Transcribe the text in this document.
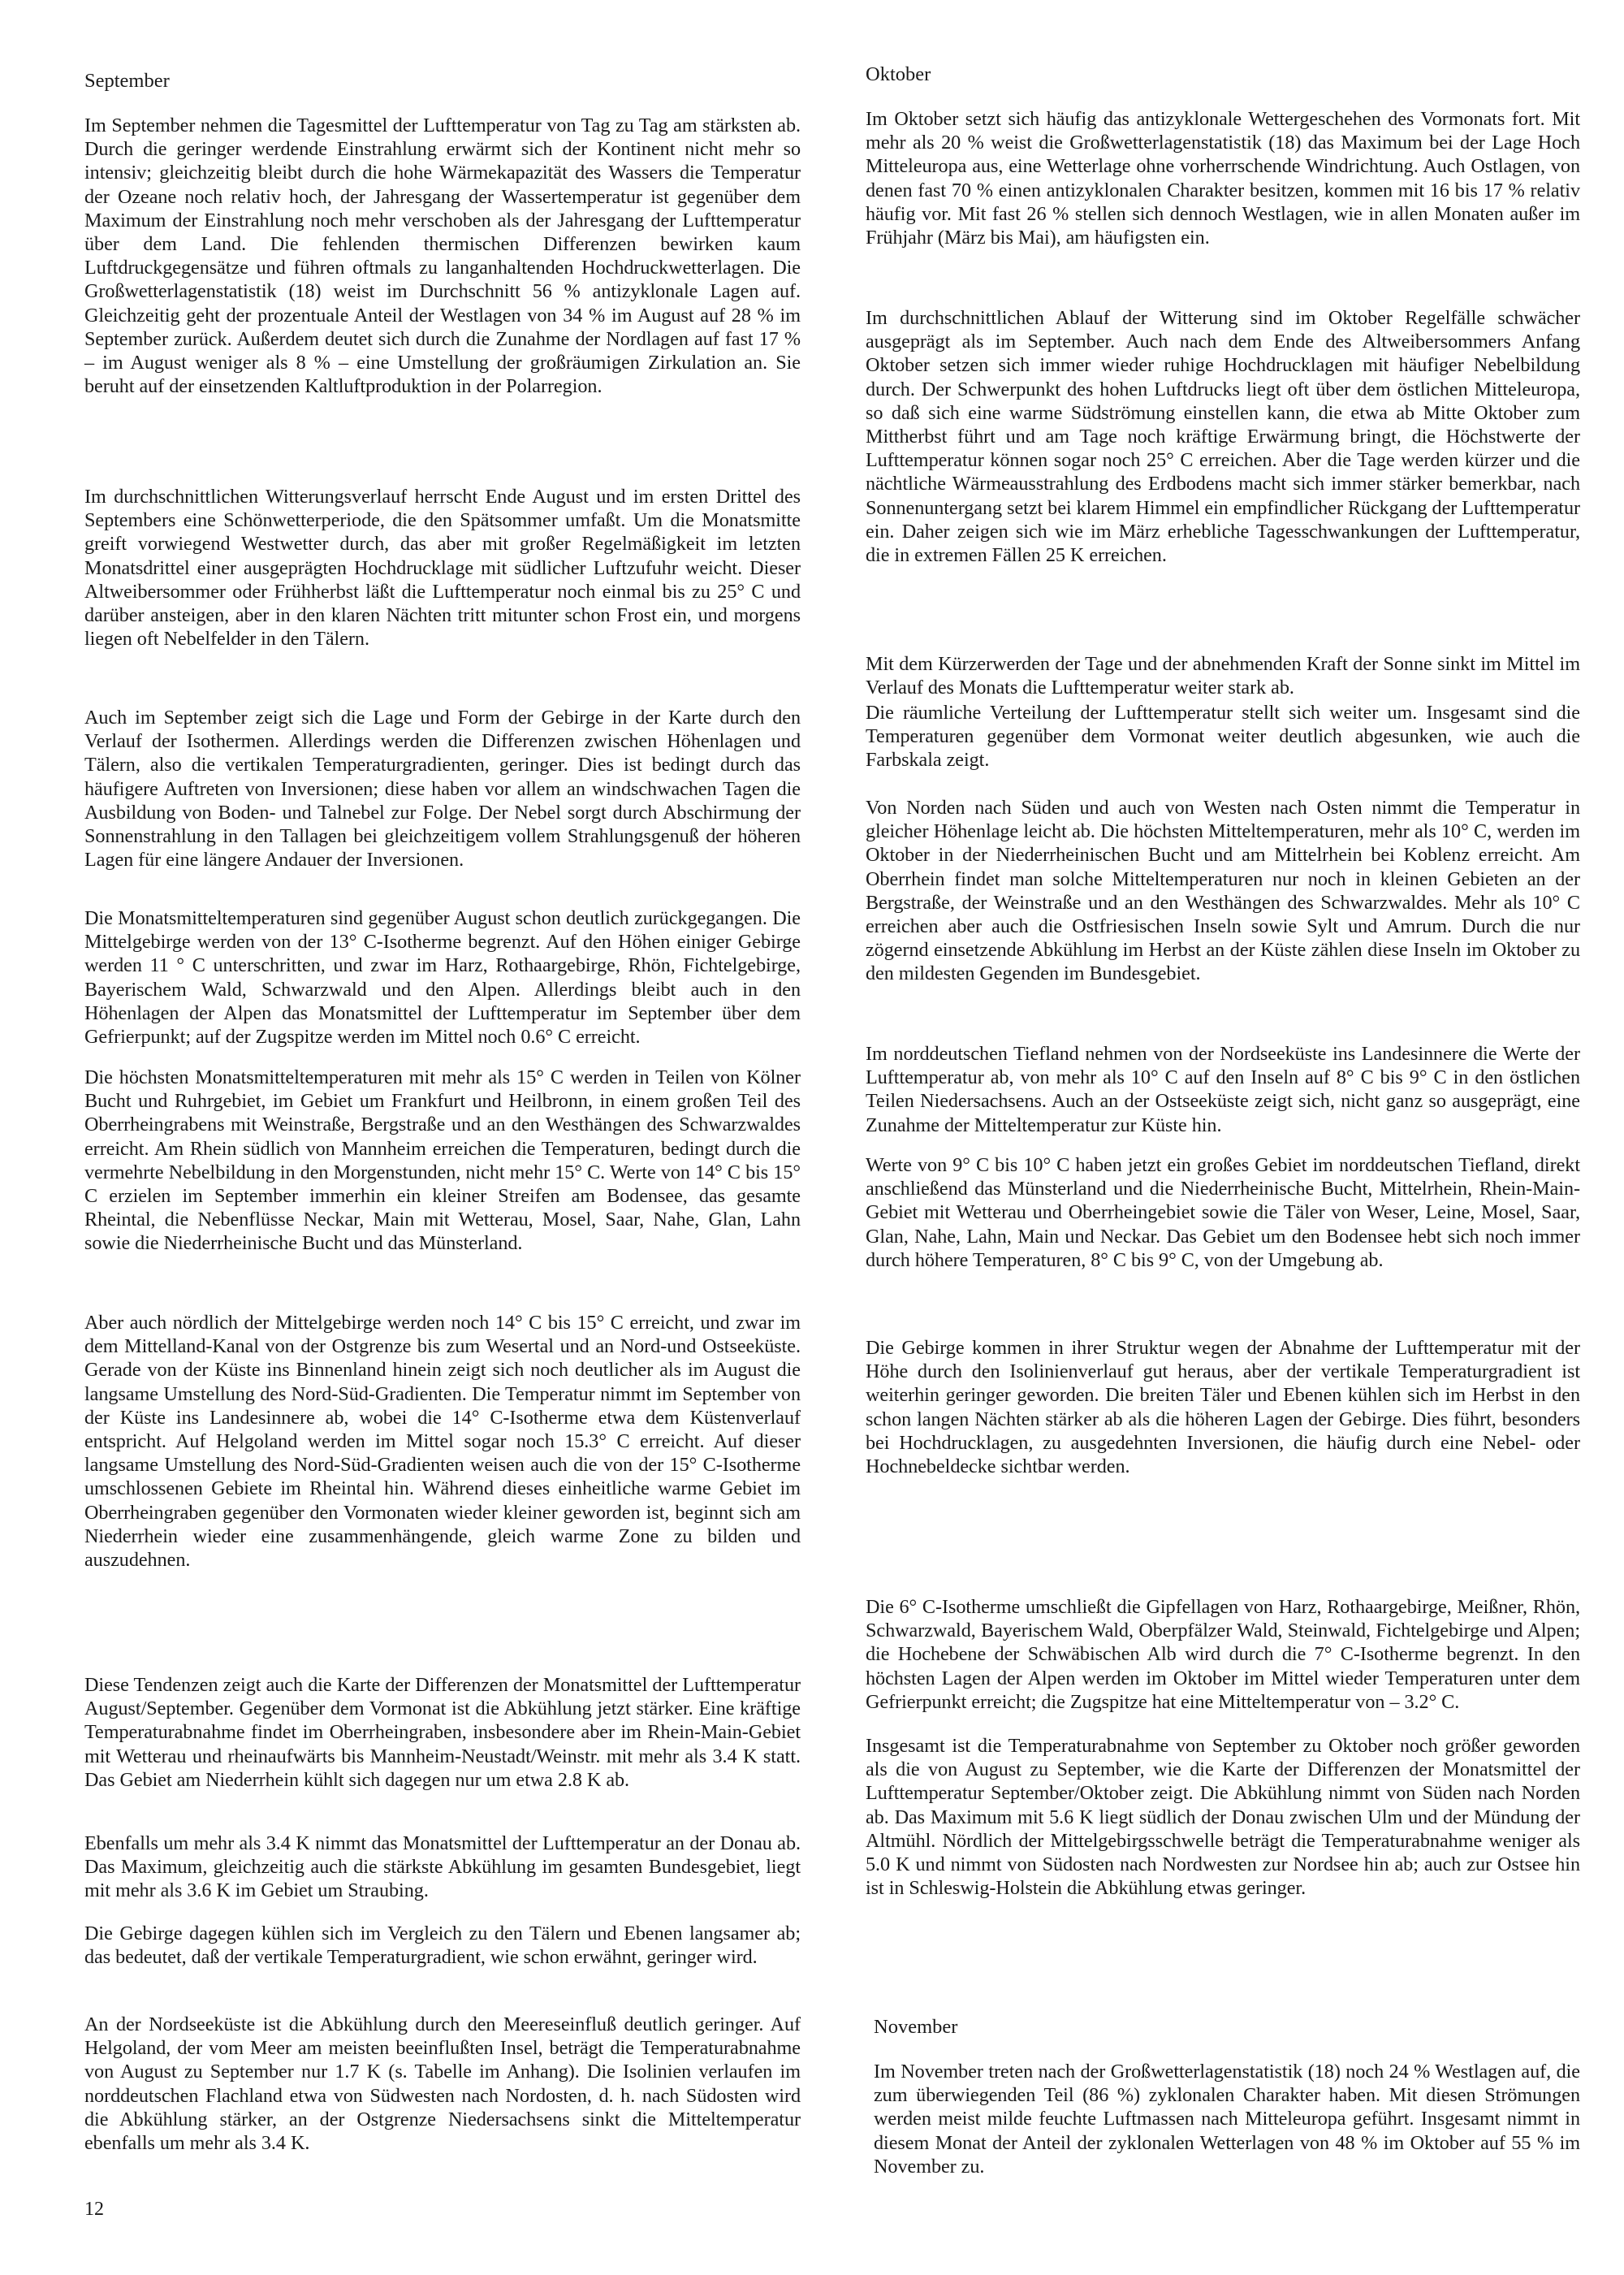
September

Im September nehmen die Tagesmittel der Lufttemperatur von Tag zu Tag am stärksten ab. Durch die geringer werdende Einstrahlung erwärmt sich der Kontinent nicht mehr so intensiv; gleichzeitig bleibt durch die hohe Wärmekapazität des Wassers die Temperatur der Ozeane noch relativ hoch, der Jahresgang der Wassertemperatur ist gegenüber dem Maximum der Einstrahlung noch mehr verschoben als der Jahresgang der Lufttemperatur über dem Land. Die fehlenden thermischen Differenzen bewirken kaum Luftdruckgegensätze und führen oftmals zu langanhaltenden Hochdruckwetterlagen. Die Großwetterlagenstatistik (18) weist im Durchschnitt 56 % antizyklonale Lagen auf. Gleichzeitig geht der prozentuale Anteil der Westlagen von 34 % im August auf 28 % im September zurück. Außerdem deutet sich durch die Zunahme der Nordlagen auf fast 17 % – im August weniger als 8 % – eine Umstellung der großräumigen Zirkulation an. Sie beruht auf der einsetzenden Kaltluftproduktion in der Polarregion.

Im durchschnittlichen Witterungsverlauf herrscht Ende August und im ersten Drittel des Septembers eine Schönwetterperiode, die den Spätsommer umfaßt. Um die Monatsmitte greift vorwiegend Westwetter durch, das aber mit großer Regelmäßigkeit im letzten Monatsdrittel einer ausgeprägten Hochdrucklage mit südlicher Luftzufuhr weicht. Dieser Altweibersommer oder Frühherbst läßt die Lufttemperatur noch einmal bis zu 25° C und darüber ansteigen, aber in den klaren Nächten tritt mitunter schon Frost ein, und morgens liegen oft Nebelfelder in den Tälern.

Auch im September zeigt sich die Lage und Form der Gebirge in der Karte durch den Verlauf der Isothermen. Allerdings werden die Differenzen zwischen Höhenlagen und Tälern, also die vertikalen Temperaturgradienten, geringer. Dies ist bedingt durch das häufigere Auftreten von Inversionen; diese haben vor allem an windschwachen Tagen die Ausbildung von Boden- und Talnebel zur Folge. Der Nebel sorgt durch Abschirmung der Sonnenstrahlung in den Tallagen bei gleichzeitigem vollem Strahlungsgenuß der höheren Lagen für eine längere Andauer der Inversionen.

Die Monatsmitteltemperaturen sind gegenüber August schon deutlich zurückgegangen. Die Mittelgebirge werden von der 13° C-Isotherme begrenzt. Auf den Höhen einiger Gebirge werden 11 ° C unterschritten, und zwar im Harz, Rothaargebirge, Rhön, Fichtelgebirge, Bayerischem Wald, Schwarzwald und den Alpen. Allerdings bleibt auch in den Höhenlagen der Alpen das Monatsmittel der Lufttemperatur im September über dem Gefrierpunkt; auf der Zugspitze werden im Mittel noch 0.6° C erreicht.

Die höchsten Monatsmitteltemperaturen mit mehr als 15° C werden in Teilen von Kölner Bucht und Ruhrgebiet, im Gebiet um Frankfurt und Heilbronn, in einem großen Teil des Oberrheingrabens mit Weinstraße, Bergstraße und an den Westhängen des Schwarzwaldes erreicht. Am Rhein südlich von Mannheim erreichen die Temperaturen, bedingt durch die vermehrte Nebelbildung in den Morgenstunden, nicht mehr 15° C. Werte von 14° C bis 15° C erzielen im September immerhin ein kleiner Streifen am Bodensee, das gesamte Rheintal, die Nebenflüsse Neckar, Main mit Wetterau, Mosel, Saar, Nahe, Glan, Lahn sowie die Niederrheinische Bucht und das Münsterland.

Aber auch nördlich der Mittelgebirge werden noch 14° C bis 15° C erreicht, und zwar im dem Mittelland-Kanal von der Ostgrenze bis zum Wesertal und an Nord-und Ostseeküste. Gerade von der Küste ins Binnenland hinein zeigt sich noch deutlicher als im August die langsame Umstellung des Nord-Süd-Gradienten. Die Temperatur nimmt im September von der Küste ins Landesinnere ab, wobei die 14° C-Isotherme etwa dem Küstenverlauf entspricht. Auf Helgoland werden im Mittel sogar noch 15.3° C erreicht. Auf dieser langsame Umstellung des Nord-Süd-Gradienten weisen auch die von der 15° C-Isotherme umschlossenen Gebiete im Rheintal hin. Während dieses einheitliche warme Gebiet im Oberrheingraben gegenüber den Vormonaten wieder kleiner geworden ist, beginnt sich am Niederrhein wieder eine zusammenhängende, gleich warme Zone zu bilden und auszudehnen.

Diese Tendenzen zeigt auch die Karte der Differenzen der Monatsmittel der Lufttemperatur August/September. Gegenüber dem Vormonat ist die Abkühlung jetzt stärker. Eine kräftige Temperaturabnahme findet im Oberrheingraben, insbesondere aber im Rhein-Main-Gebiet mit Wetterau und rheinaufwärts bis Mannheim-Neustadt/Weinstr. mit mehr als 3.4 K statt. Das Gebiet am Niederrhein kühlt sich dagegen nur um etwa 2.8 K ab.

Ebenfalls um mehr als 3.4 K nimmt das Monatsmittel der Lufttemperatur an der Donau ab. Das Maximum, gleichzeitig auch die stärkste Abkühlung im gesamten Bundesgebiet, liegt mit mehr als 3.6 K im Gebiet um Straubing.

Die Gebirge dagegen kühlen sich im Vergleich zu den Tälern und Ebenen langsamer ab; das bedeutet, daß der vertikale Temperaturgradient, wie schon erwähnt, geringer wird.

An der Nordseeküste ist die Abkühlung durch den Meereseinfluß deutlich geringer. Auf Helgoland, der vom Meer am meisten beeinflußten Insel, beträgt die Temperaturabnahme von August zu September nur 1.7 K (s. Tabelle im Anhang). Die Isolinien verlaufen im norddeutschen Flachland etwa von Südwesten nach Nordosten, d. h. nach Südosten wird die Abkühlung stärker, an der Ostgrenze Niedersachsens sinkt die Mitteltemperatur ebenfalls um mehr als 3.4 K.

Oktober

Im Oktober setzt sich häufig das antizyklonale Wettergeschehen des Vormonats fort. Mit mehr als 20 % weist die Großwetterlagenstatistik (18) das Maximum bei der Lage Hoch Mitteleuropa aus, eine Wetterlage ohne vorherrschende Windrichtung. Auch Ostlagen, von denen fast 70 % einen antizyklonalen Charakter besitzen, kommen mit 16 bis 17 % relativ häufig vor. Mit fast 26 % stellen sich dennoch Westlagen, wie in allen Monaten außer im Frühjahr (März bis Mai), am häufigsten ein.

Im durchschnittlichen Ablauf der Witterung sind im Oktober Regelfälle schwächer ausgeprägt als im September. Auch nach dem Ende des Altweibersommers Anfang Oktober setzen sich immer wieder ruhige Hochdrucklagen mit häufiger Nebelbildung durch. Der Schwerpunkt des hohen Luftdrucks liegt oft über dem östlichen Mitteleuropa, so daß sich eine warme Südströmung einstellen kann, die etwa ab Mitte Oktober zum Mittherbst führt und am Tage noch kräftige Erwärmung bringt, die Höchstwerte der Lufttemperatur können sogar noch 25° C erreichen. Aber die Tage werden kürzer und die nächtliche Wärmeausstrahlung des Erdbodens macht sich immer stärker bemerkbar, nach Sonnenuntergang setzt bei klarem Himmel ein empfindlicher Rückgang der Lufttemperatur ein. Daher zeigen sich wie im März erhebliche Tagesschwankungen der Lufttemperatur, die in extremen Fällen 25 K erreichen.

Mit dem Kürzerwerden der Tage und der abnehmenden Kraft der Sonne sinkt im Mittel im Verlauf des Monats die Lufttemperatur weiter stark ab.

Die räumliche Verteilung der Lufttemperatur stellt sich weiter um. Insgesamt sind die Temperaturen gegenüber dem Vormonat weiter deutlich abgesunken, wie auch die Farbskala zeigt.

Von Norden nach Süden und auch von Westen nach Osten nimmt die Temperatur in gleicher Höhenlage leicht ab. Die höchsten Mitteltemperaturen, mehr als 10° C, werden im Oktober in der Niederrheinischen Bucht und am Mittelrhein bei Koblenz erreicht. Am Oberrhein findet man solche Mitteltemperaturen nur noch in kleinen Gebieten an der Bergstraße, der Weinstraße und an den Westhängen des Schwarzwaldes. Mehr als 10° C erreichen aber auch die Ostfriesischen Inseln sowie Sylt und Amrum. Durch die nur zögernd einsetzende Abkühlung im Herbst an der Küste zählen diese Inseln im Oktober zu den mildesten Gegenden im Bundesgebiet.

Im norddeutschen Tiefland nehmen von der Nordseeküste ins Landesinnere die Werte der Lufttemperatur ab, von mehr als 10° C auf den Inseln auf 8° C bis 9° C in den östlichen Teilen Niedersachsens. Auch an der Ostseeküste zeigt sich, nicht ganz so ausgeprägt, eine Zunahme der Mitteltemperatur zur Küste hin.

Werte von 9° C bis 10° C haben jetzt ein großes Gebiet im norddeutschen Tiefland, direkt anschließend das Münsterland und die Niederrheinische Bucht, Mittelrhein, Rhein-Main-Gebiet mit Wetterau und Oberrheingebiet sowie die Täler von Weser, Leine, Mosel, Saar, Glan, Nahe, Lahn, Main und Neckar. Das Gebiet um den Bodensee hebt sich noch immer durch höhere Temperaturen, 8° C bis 9° C, von der Umgebung ab.

Die Gebirge kommen in ihrer Struktur wegen der Abnahme der Lufttemperatur mit der Höhe durch den Isolinienverlauf gut heraus, aber der vertikale Temperaturgradient ist weiterhin geringer geworden. Die breiten Täler und Ebenen kühlen sich im Herbst in den schon langen Nächten stärker ab als die höheren Lagen der Gebirge. Dies führt, besonders bei Hochdrucklagen, zu ausgedehnten Inversionen, die häufig durch eine Nebel- oder Hochnebeldecke sichtbar werden.

Die 6° C-Isotherme umschließt die Gipfellagen von Harz, Rothaargebirge, Meißner, Rhön, Schwarzwald, Bayerischem Wald, Oberpfälzer Wald, Steinwald, Fichtelgebirge und Alpen; die Hochebene der Schwäbischen Alb wird durch die 7° C-Isotherme begrenzt. In den höchsten Lagen der Alpen werden im Oktober im Mittel wieder Temperaturen unter dem Gefrierpunkt erreicht; die Zugspitze hat eine Mitteltemperatur von – 3.2° C.

Insgesamt ist die Temperaturabnahme von September zu Oktober noch größer geworden als die von August zu September, wie die Karte der Differenzen der Monatsmittel der Lufttemperatur September/Oktober zeigt. Die Abkühlung nimmt von Süden nach Norden ab. Das Maximum mit 5.6 K liegt südlich der Donau zwischen Ulm und der Mündung der Altmühl. Nördlich der Mittelgebirgsschwelle beträgt die Temperaturabnahme weniger als 5.0 K und nimmt von Südosten nach Nordwesten zur Nordsee hin ab; auch zur Ostsee hin ist in Schleswig-Holstein die Abkühlung etwas geringer.

November

Im November treten nach der Großwetterlagenstatistik (18) noch 24 % Westlagen auf, die zum überwiegenden Teil (86 %) zyklonalen Charakter haben. Mit diesen Strömungen werden meist milde feuchte Luftmassen nach Mitteleuropa geführt. Insgesamt nimmt in diesem Monat der Anteil der zyklonalen Wetterlagen von 48 % im Oktober auf 55 % im November zu.

12
